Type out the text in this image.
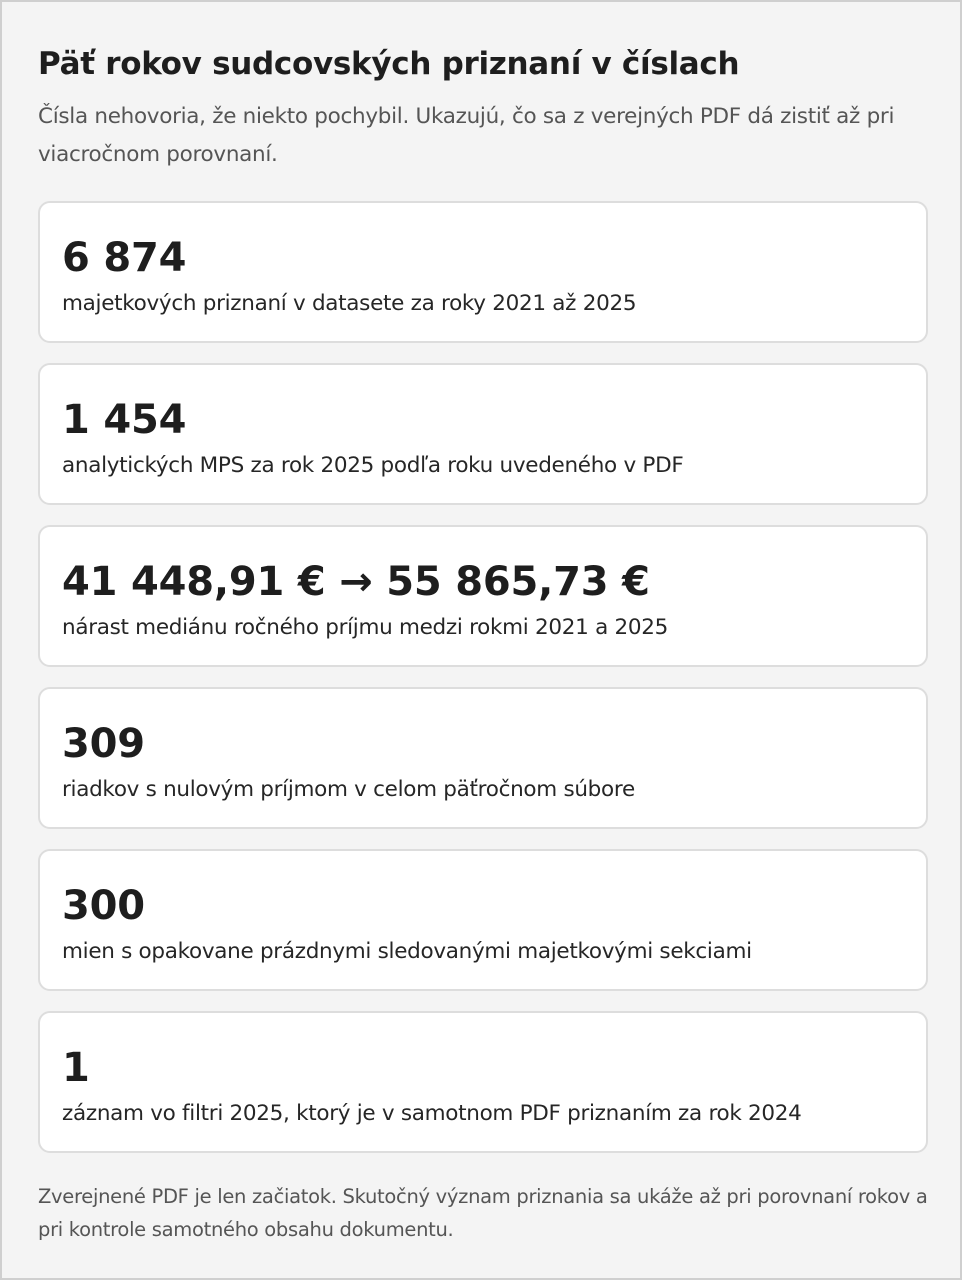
Päť rokov sudcovských priznaní v číslach

Čísla nehovoria, že niekto pochybil. Ukazujú, čo sa z verejných PDF dá zistiť až pri viacročnom porovnaní.

6 874
majetkových priznaní v datasete za roky 2021 až 2025
1 454
analytických MPS za rok 2025 podľa roku uvedeného v PDF
41 448,91 € → 55 865,73 €
nárast mediánu ročného príjmu medzi rokmi 2021 a 2025
309
riadkov s nulovým príjmom v celom päťročnom súbore
300
mien s opakovane prázdnymi sledovanými majetkovými sekciami
1
záznam vo filtri 2025, ktorý je v samotnom PDF priznaním za rok 2024

Zverejnené PDF je len začiatok. Skutočný význam priznania sa ukáže až pri porovnaní rokov a pri kontrole samotného obsahu dokumentu.
